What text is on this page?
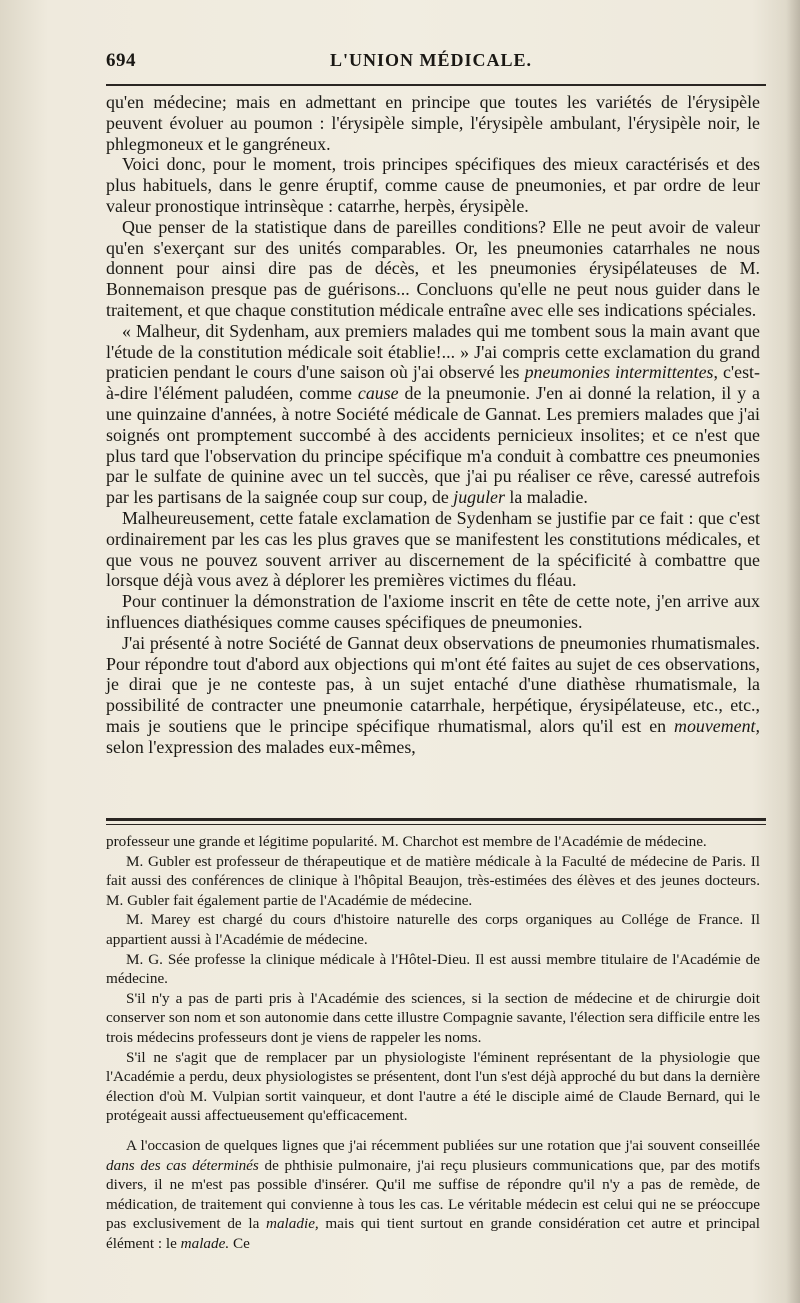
694	L'UNION MÉDICALE.

qu'en médecine; mais en admettant en principe que toutes les variétés de l'érysipèle peuvent évoluer au poumon : l'érysipèle simple, l'érysipèle ambulant, l'érysipèle noir, le phlegmoneux et le gangréneux.

Voici donc, pour le moment, trois principes spécifiques des mieux caractérisés et des plus habituels, dans le genre éruptif, comme cause de pneumonies, et par ordre de leur valeur pronostique intrinsèque : catarrhe, herpès, érysipèle.

Que penser de la statistique dans de pareilles conditions? Elle ne peut avoir de valeur qu'en s'exerçant sur des unités comparables. Or, les pneumonies catarrhales ne nous donnent pour ainsi dire pas de décès, et les pneumonies érysipélateuses de M. Bonnemaison presque pas de guérisons... Concluons qu'elle ne peut nous guider dans le traitement, et que chaque constitution médicale entraîne avec elle ses indications spéciales.

« Malheur, dit Sydenham, aux premiers malades qui me tombent sous la main avant que l'étude de la constitution médicale soit établie!... » J'ai compris cette exclamation du grand praticien pendant le cours d'une saison où j'ai observé les pneumonies intermittentes, c'est-à-dire l'élément paludéen, comme cause de la pneumonie. J'en ai donné la relation, il y a une quinzaine d'années, à notre Société médicale de Gannat. Les premiers malades que j'ai soignés ont promptement succombé à des accidents pernicieux insolites; et ce n'est que plus tard que l'observation du principe spécifique m'a conduit à combattre ces pneumonies par le sulfate de quinine avec un tel succès, que j'ai pu réaliser ce rêve, caressé autrefois par les partisans de la saignée coup sur coup, de juguler la maladie.

Malheureusement, cette fatale exclamation de Sydenham se justifie par ce fait : que c'est ordinairement par les cas les plus graves que se manifestent les constitutions médicales, et que vous ne pouvez souvent arriver au discernement de la spécificité à combattre que lorsque déjà vous avez à déplorer les premières victimes du fléau.

Pour continuer la démonstration de l'axiome inscrit en tête de cette note, j'en arrive aux influences diathésiques comme causes spécifiques de pneumonies.

J'ai présenté à notre Société de Gannat deux observations de pneumonies rhumatismales. Pour répondre tout d'abord aux objections qui m'ont été faites au sujet de ces observations, je dirai que je ne conteste pas, à un sujet entaché d'une diathèse rhumatismale, la possibilité de contracter une pneumonie catarrhale, herpétique, érysipélateuse, etc., etc., mais je soutiens que le principe spécifique rhumatismal, alors qu'il est en mouvement, selon l'expression des malades eux-mêmes,

professeur une grande et légitime popularité. M. Charchot est membre de l'Académie de médecine.

M. Gubler est professeur de thérapeutique et de matière médicale à la Faculté de médecine de Paris. Il fait aussi des conférences de clinique à l'hôpital Beaujon, très-estimées des élèves et des jeunes docteurs. M. Gubler fait également partie de l'Académie de médecine.

M. Marey est chargé du cours d'histoire naturelle des corps organiques au Collége de France. Il appartient aussi à l'Académie de médecine.

M. G. Sée professe la clinique médicale à l'Hôtel-Dieu. Il est aussi membre titulaire de l'Académie de médecine.

S'il n'y a pas de parti pris à l'Académie des sciences, si la section de médecine et de chirurgie doit conserver son nom et son autonomie dans cette illustre Compagnie savante, l'élection sera difficile entre les trois médecins professeurs dont je viens de rappeler les noms.

S'il ne s'agit que de remplacer par un physiologiste l'éminent représentant de la physiologie que l'Académie a perdu, deux physiologistes se présentent, dont l'un s'est déjà approché du but dans la dernière élection d'où M. Vulpian sortit vainqueur, et dont l'autre a été le disciple aimé de Claude Bernard, qui le protégeait aussi affectueusement qu'efficacement.

A l'occasion de quelques lignes que j'ai récemment publiées sur une rotation que j'ai souvent conseillée dans des cas déterminés de phthisie pulmonaire, j'ai reçu plusieurs communications que, par des motifs divers, il ne m'est pas possible d'insérer. Qu'il me suffise de répondre qu'il n'y a pas de remède, de médication, de traitement qui convienne à tous les cas. Le véritable médecin est celui qui ne se préoccupe pas exclusivement de la maladie, mais qui tient surtout en grande considération cet autre et principal élément : le malade. Ce
